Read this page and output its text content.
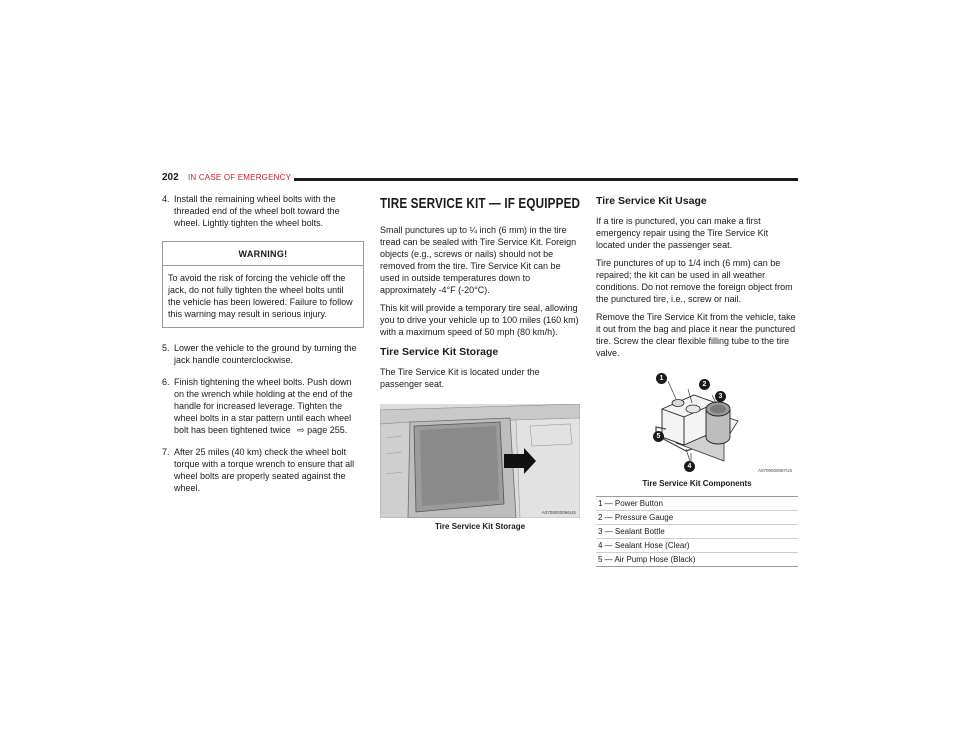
202 IN CASE OF EMERGENCY
4. Install the remaining wheel bolts with the threaded end of the wheel bolt toward the wheel. Lightly tighten the wheel bolts.
WARNING!
To avoid the risk of forcing the vehicle off the jack, do not fully tighten the wheel bolts until the vehicle has been lowered. Failure to follow this warning may result in serious injury.
5. Lower the vehicle to the ground by turning the jack handle counterclockwise.
6. Finish tightening the wheel bolts. Push down on the wrench while holding at the end of the handle for increased leverage. Tighten the wheel bolts in a star pattern until each wheel bolt has been tightened twice ⇨ page 255.
7. After 25 miles (40 km) check the wheel bolt torque with a torque wrench to ensure that all wheel bolts are properly seated against the wheel.
TIRE SERVICE KIT — IF EQUIPPED

Small punctures up to ¼ inch (6 mm) in the tire tread can be sealed with Tire Service Kit. Foreign objects (e.g., screws or nails) should not be removed from the tire. Tire Service Kit can be used in outside temperatures down to approximately -4°F (-20°C).

This kit will provide a temporary tire seal, allowing you to drive your vehicle up to 100 miles (160 km) with a maximum speed of 50 mph (80 km/h).

Tire Service Kit Storage

The Tire Service Kit is located under the passenger seat.

A0709000066US
Tire Service Kit Storage
Tire Service Kit Usage

If a tire is punctured, you can make a first emergency repair using the Tire Service Kit located under the passenger seat.

Tire punctures of up to 1/4 inch (6 mm) can be repaired; the kit can be used in all weather conditions. Do not remove the foreign object from the punctured tire, i.e., screw or nail.

Remove the Tire Service Kit from the vehicle, take it out from the bag and place it near the punctured tire. Screw the clear flexible filling tube to the tire valve.

1
2
3
4
5
A0709000067US
Tire Service Kit Components
1 — Power Button
2 — Pressure Gauge
3 — Sealant Bottle
4 — Sealant Hose (Clear)
5 — Air Pump Hose (Black)
